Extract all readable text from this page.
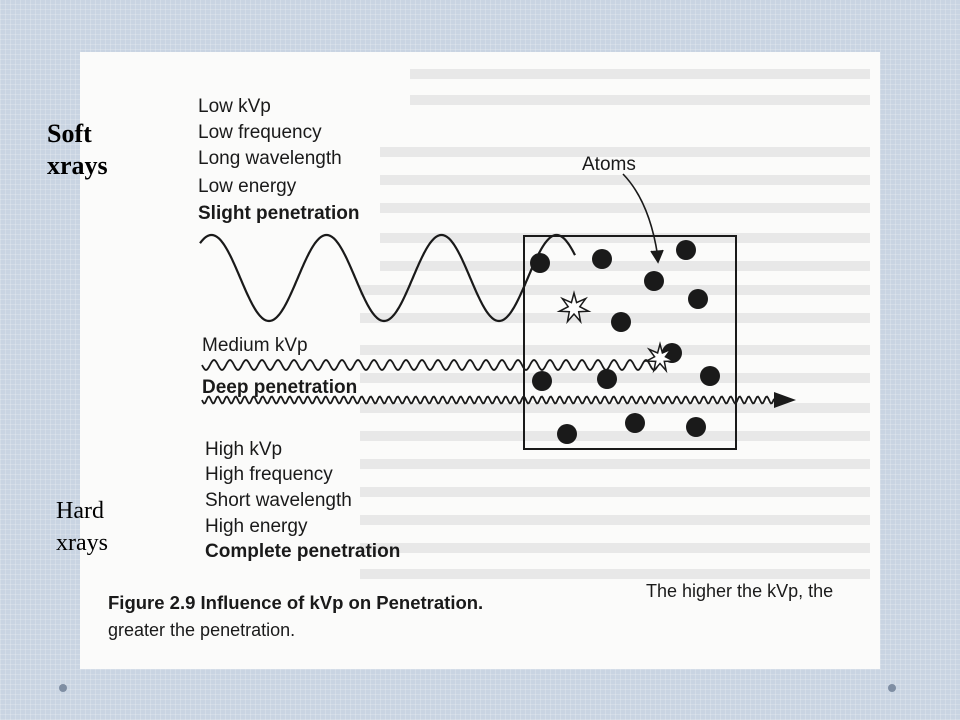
Low kVp
Low frequency
Long wavelength
Low energy
Slight penetration
Medium kVp
Deep penetration
High kVp
High frequency
Short wavelength
High energy
Complete penetration
Atoms
Figure 2.9 Influence of kVp on Penetration.
The higher the kVp, the
greater the penetration.
Soft
xrays
Hard
xrays
